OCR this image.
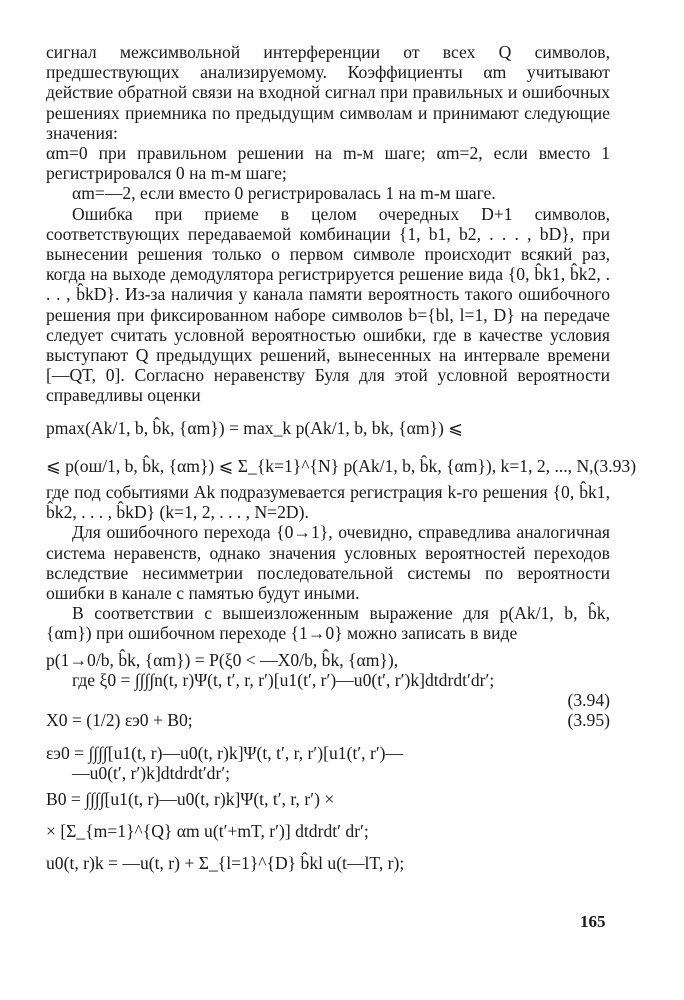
сигнал межсимвольной интерференции от всех Q символов, предшествующих анализируемому. Коэффициенты αm учитывают действие обратной связи на входной сигнал при правильных и ошибочных решениях приемника по предыдущим символам и принимают следующие значения:

αm=0 при правильном решении на m-м шаге; αm=2, если вместо 1 регистрировался 0 на m-м шаге;

αm=—2, если вместо 0 регистрировалась 1 на m-м шаге.

Ошибка при приеме в целом очередных D+1 символов, соответствующих передаваемой комбинации {1, b1, b2, . . . , bD}, при вынесении решения только о первом символе происходит всякий раз, когда на выходе демодулятора регистрируется решение вида {0, b̂k1, b̂k2, . . . , b̂kD}. Из-за наличия у канала памяти вероятность такого ошибочного решения при фиксированном наборе символов b={bl, l=1, D} на передаче следует считать условной вероятностью ошибки, где в качестве условия выступают Q предыдущих решений, вынесенных на интервале времени [—QT, 0]. Согласно неравенству Буля для этой условной вероятности справедливы оценки

pmax(Ak/1, b, b̂k, {αm}) = max_k p(Ak/1, b, bk, {αm}) ⩽

⩽ p(ош/1, b, b̂k, {αm}) ⩽ Σ_{k=1}^{N} p(Ak/1, b, b̂k, {αm}), k=1, 2, ..., N, (3.93)

где под событиями Ak подразумевается регистрация k-го решения {0, b̂k1, b̂k2, . . . , b̂kD} (k=1, 2, . . . , N=2D).

Для ошибочного перехода {0→1}, очевидно, справедлива аналогичная система неравенств, однако значения условных вероятностей переходов вследствие несимметрии последовательной системы по вероятности ошибки в канале с памятью будут иными.

В соответствии с вышеизложенным выражение для p(Ak/1, b, b̂k, {αm}) при ошибочном переходе {1→0} можно записать в виде

p(1→0/b, b̂k, {αm}) = P(ξ0 < —X0/b, b̂k, {αm}),

где ξ0 = ∫∫∫∫n(t, r)Ψ(t, t′, r, r′)[u1(t′, r′)—u0(t′, r′)k]dtdrdt′dr′;

(3.94)

X0 = (1/2) εэ0 + B0;	(3.95)

εэ0 = ∫∫∫∫[u1(t, r)—u0(t, r)k]Ψ(t, t′, r, r′)[u1(t′, r′)—

—u0(t′, r′)k]dtdrdt′dr′;

B0 = ∫∫∫∫[u1(t, r)—u0(t, r)k]Ψ(t, t′, r, r′) ×

× [Σ_{m=1}^{Q} αm u(t′+mT, r′)] dtdrdt′ dr′;

u0(t, r)k = —u(t, r) + Σ_{l=1}^{D} b̂kl u(t—lT, r);

165
